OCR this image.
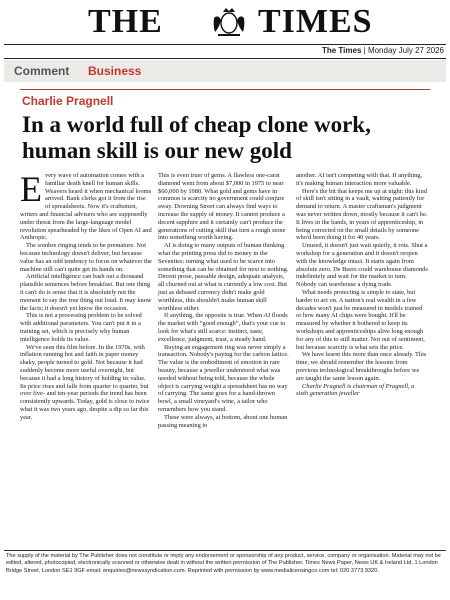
THE	TIMES
The Times | Monday July 27 2026
Comment Business
Charlie Pragnell
In a world full of cheap clone work, human skill is our new gold

Every wave of automation comes with a familiar death knell for human skills. Weavers heard it when mechanical looms arrived. Bank clerks got it from the rise of spreadsheets. Now it's craftsmen, writers and financial advisers who are supposedly under threat from the large-language model revolution spearheaded by the likes of Open AI and Anthropic.

The sombre ringing tends to be premature. Not because technology doesn't deliver, but because value has an odd tendency to focus on whatever the machine still can't quite get its hands on.

Artificial intelligence can bash out a thousand plausible sentences before breakfast. But one thing it can't do is sense that it is absolutely not the moment to say the true thing out loud. It may know the facts; it doesn't yet know the occasion.

This is not a processing problem to be solved with additional parameters. You can't put it in a training set, which is precisely why human intelligence holds its value.

We've seen this film before. In the 1970s, with inflation running hot and faith in paper money shaky, people turned to gold. Not because it had suddenly become more useful overnight, but because it had a long history of holding its value. Its price rises and falls from quarter to quarter, but over five- and ten-year periods the trend has been consistently upwards. Today, gold is close to twice what it was two years ago, despite a dip so far this year.

This is even truer of gems. A flawless one-carat diamond went from about $7,000 in 1975 to near $60,000 by 1980. What gold and gems have in common is scarcity no government could conjure away. Downing Street can always find ways to increase the supply of money. It cannot produce a decent sapphire and it certainly can't produce the generations of cutting skill that turn a rough stone into something worth having.

AI is doing to many outputs of human thinking what the printing press did to money in the Seventies: turning what used to be scarce into something that can be obtained for next to nothing. Decent prose, passable design, adequate analysis, all churned out at what is currently a low cost. But just as debased currency didn't make gold worthless, this shouldn't make human skill worthless either.

If anything, the opposite is true. When AI floods the market with “good enough”, that's your cue to look for what's still scarce: instinct, taste, excellence, judgment, trust, a steady hand.

Buying an engagement ring was never simply a transaction. Nobody's paying for the carbon lattice. The value is the embodiment of emotion in rare beauty, because a jeweller understood what was needed without being told, because the whole object is carrying weight a spreadsheet has no way of carrying. The same goes for a hand-thrown bowl, a small vineyard's wine, a tailor who remembers how you stand.

These were always, at bottom, about one human passing meaning to

another. AI isn't competing with that. If anything, it's making human interaction more valuable.

Here's the bit that keeps me up at night: this kind of skill isn't sitting in a vault, waiting patiently for demand to return. A master craftsman's judgment was never written down, mostly because it can't be. It lives in the hands, in years of apprenticeship, in being corrected on the small details by someone who'd been doing it for 40 years.

Unused, it doesn't just wait quietly, it rots. Shut a workshop for a generation and it doesn't reopen with the knowledge intact. It starts again from absolute zero. De Beers could warehouse diamonds indefinitely and wait for the market to turn. Nobody can warehouse a dying trade.

What needs protecting is simple to state, but harder to act on. A nation's real wealth in a few decades won't just be measured in models trained or how many AI chips were bought. It'll be measured by whether it bothered to keep its workshops and apprenticeships alive long enough for any of this to still matter. Not out of sentiment, but because scarcity is what sets the price.

We have learnt this more than once already. This time, we should remember the lessons from previous technological breakthroughs before we are taught the same lesson again.

Charlie Pragnell is chairman of Pragnell, a sixth generation jeweller

The supply of the material by The Publisher does not constitute or imply any endorsement or sponsorship of any product, service, company or organisation. Material may not be edited, altered, photocopied, electronically scanned or otherwise dealt in without the written permission of The Publisher. Times News Paper, News UK & Ireland Ltd, 1 London Bridge Street, London SE1 9GF email: enquiries@newssyndication.com. Reprinted with permission by www.medialicensingco.com tel: 020 3773 9320.
